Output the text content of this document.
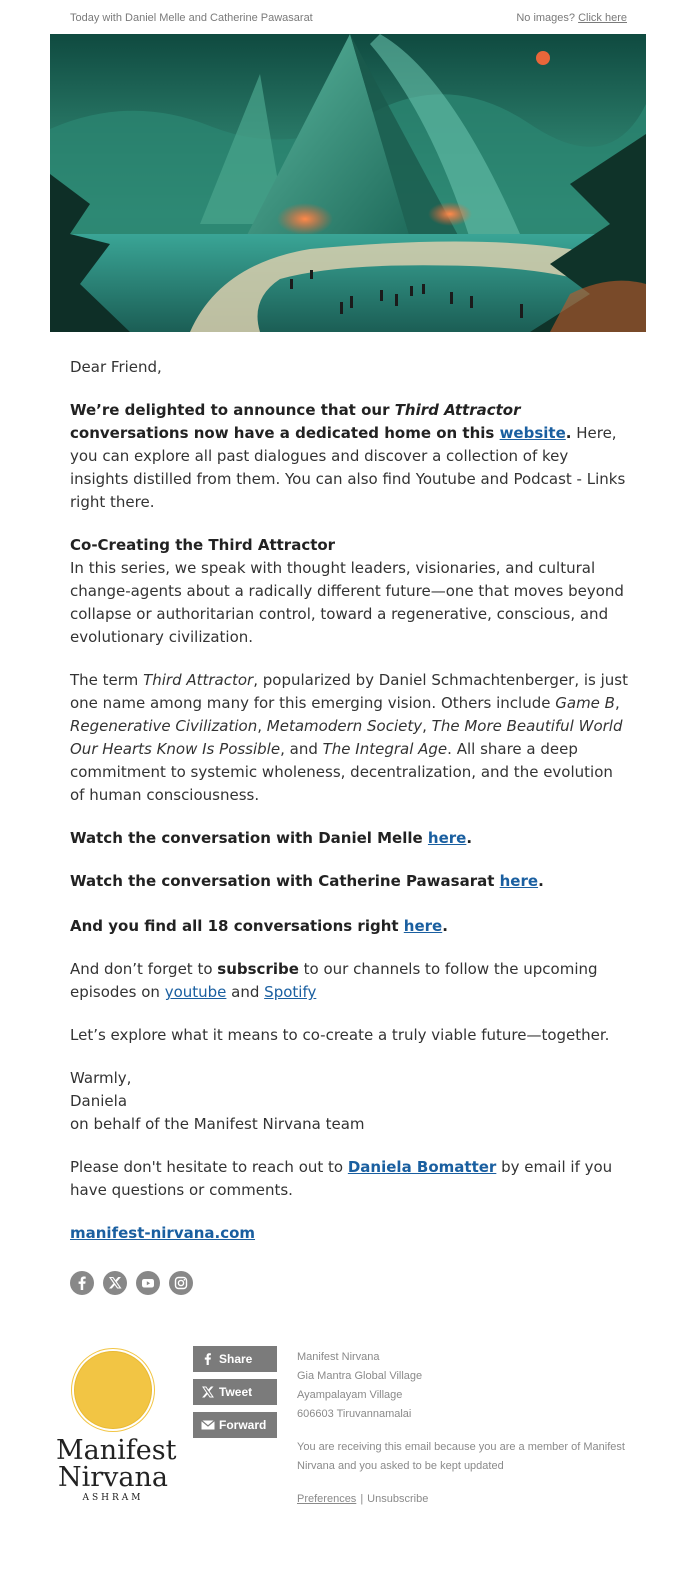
Today with Daniel Melle and Catherine Pawasarat	No images? Click here

Dear Friend,

We’re delighted to announce that our Third Attractor conversations now have a dedicated home on this website. Here, you can explore all past dialogues and discover a collection of key insights distilled from them. You can also find Youtube and Podcast - Links right there.

Co-Creating the Third Attractor
In this series, we speak with thought leaders, visionaries, and cultural change-agents about a radically different future—one that moves beyond collapse or authoritarian control, toward a regenerative, conscious, and evolutionary civilization.

The term Third Attractor, popularized by Daniel Schmachtenberger, is just one name among many for this emerging vision. Others include Game B, Regenerative Civilization, Metamodern Society, The More Beautiful World Our Hearts Know Is Possible, and The Integral Age. All share a deep commitment to systemic wholeness, decentralization, and the evolution of human consciousness.

Watch the conversation with Daniel Melle here.

Watch the conversation with Catherine Pawasarat here.

And you find all 18 conversations right here.

And don’t forget to subscribe to our channels to follow the upcoming episodes on youtube and Spotify

Let’s explore what it means to co-create a truly viable future—together.

Warmly,
Daniela
on behalf of the Manifest Nirvana team

Please don't hesitate to reach out to Daniela Bomatter by email if you have questions or comments.

manifest-nirvana.com

Manifest
Nirvana
ASHRAM
Share
Tweet
Forward
Manifest Nirvana
Gia Mantra Global Village
Ayampalayam Village
606603 Tiruvannamalai
You are receiving this email because you are a member of Manifest Nirvana and you asked to be kept updated
Preferences | Unsubscribe
